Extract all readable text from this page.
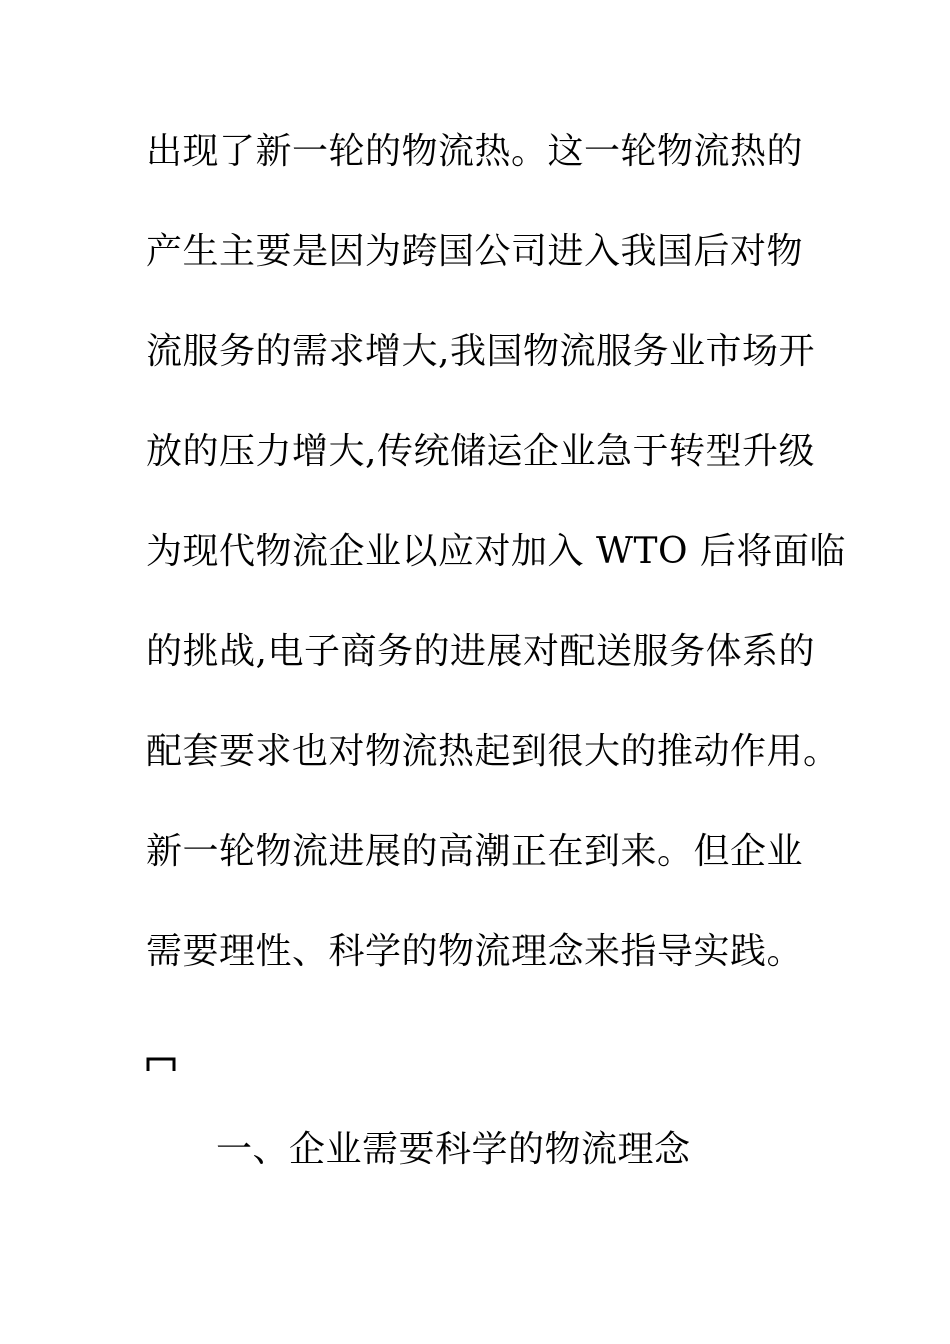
出现了新一轮的物流热。这一轮物流热的
产生主要是因为跨国公司进入我国后对物
流服务的需求增大,我国物流服务业市场开
放的压力增大,传统储运企业急于转型升级
为现代物流企业以应对加入 WTO 后将面临
的挑战,电子商务的进展对配送服务体系的
配套要求也对物流热起到很大的推动作用。
新一轮物流进展的高潮正在到来。但企业
需要理性、科学的物流理念来指导实践。
一、企业需要科学的物流理念
